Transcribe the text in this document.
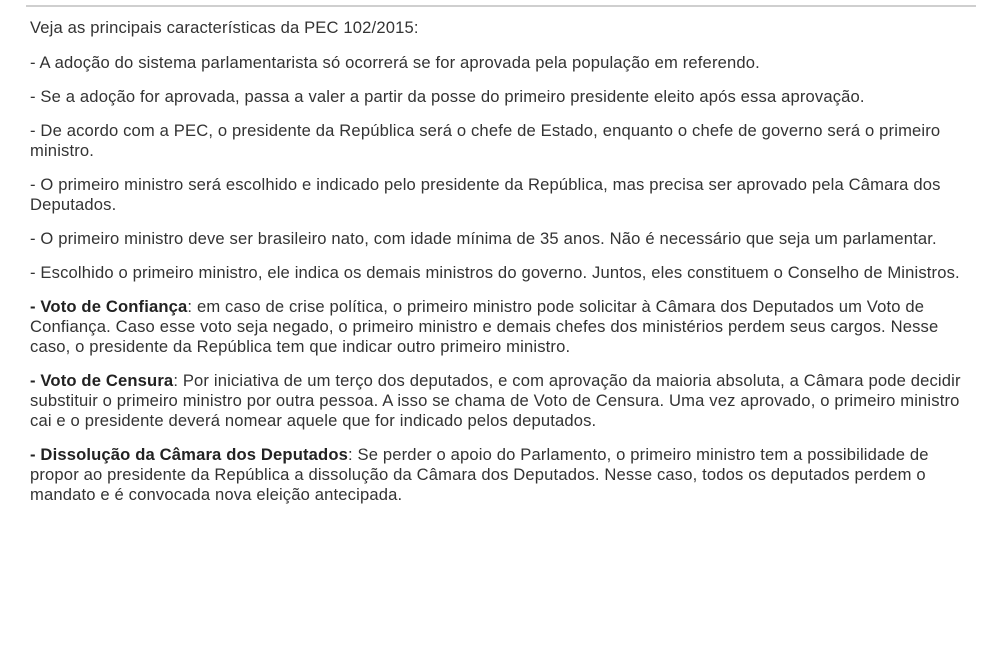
Veja as principais características da PEC 102/2015:

- A adoção do sistema parlamentarista só ocorrerá se for aprovada pela população em referendo.

- Se a adoção for aprovada, passa a valer a partir da posse do primeiro presidente eleito após essa aprovação.

- De acordo com a PEC, o presidente da República será o chefe de Estado, enquanto o chefe de governo será o primeiro ministro.

- O primeiro ministro será escolhido e indicado pelo presidente da República, mas precisa ser aprovado pela Câmara dos Deputados.

- O primeiro ministro deve ser brasileiro nato, com idade mínima de 35 anos. Não é necessário que seja um parlamentar.

- Escolhido o primeiro ministro, ele indica os demais ministros do governo. Juntos, eles constituem o Conselho de Ministros.

- Voto de Confiança: em caso de crise política, o primeiro ministro pode solicitar à Câmara dos Deputados um Voto de Confiança. Caso esse voto seja negado, o primeiro ministro e demais chefes dos ministérios perdem seus cargos. Nesse caso, o presidente da República tem que indicar outro primeiro ministro.

- Voto de Censura: Por iniciativa de um terço dos deputados, e com aprovação da maioria absoluta, a Câmara pode decidir substituir o primeiro ministro por outra pessoa. A isso se chama de Voto de Censura. Uma vez aprovado, o primeiro ministro cai e o presidente deverá nomear aquele que for indicado pelos deputados.

- Dissolução da Câmara dos Deputados: Se perder o apoio do Parlamento, o primeiro ministro tem a possibilidade de propor ao presidente da República a dissolução da Câmara dos Deputados. Nesse caso, todos os deputados perdem o mandato e é convocada nova eleição antecipada.
